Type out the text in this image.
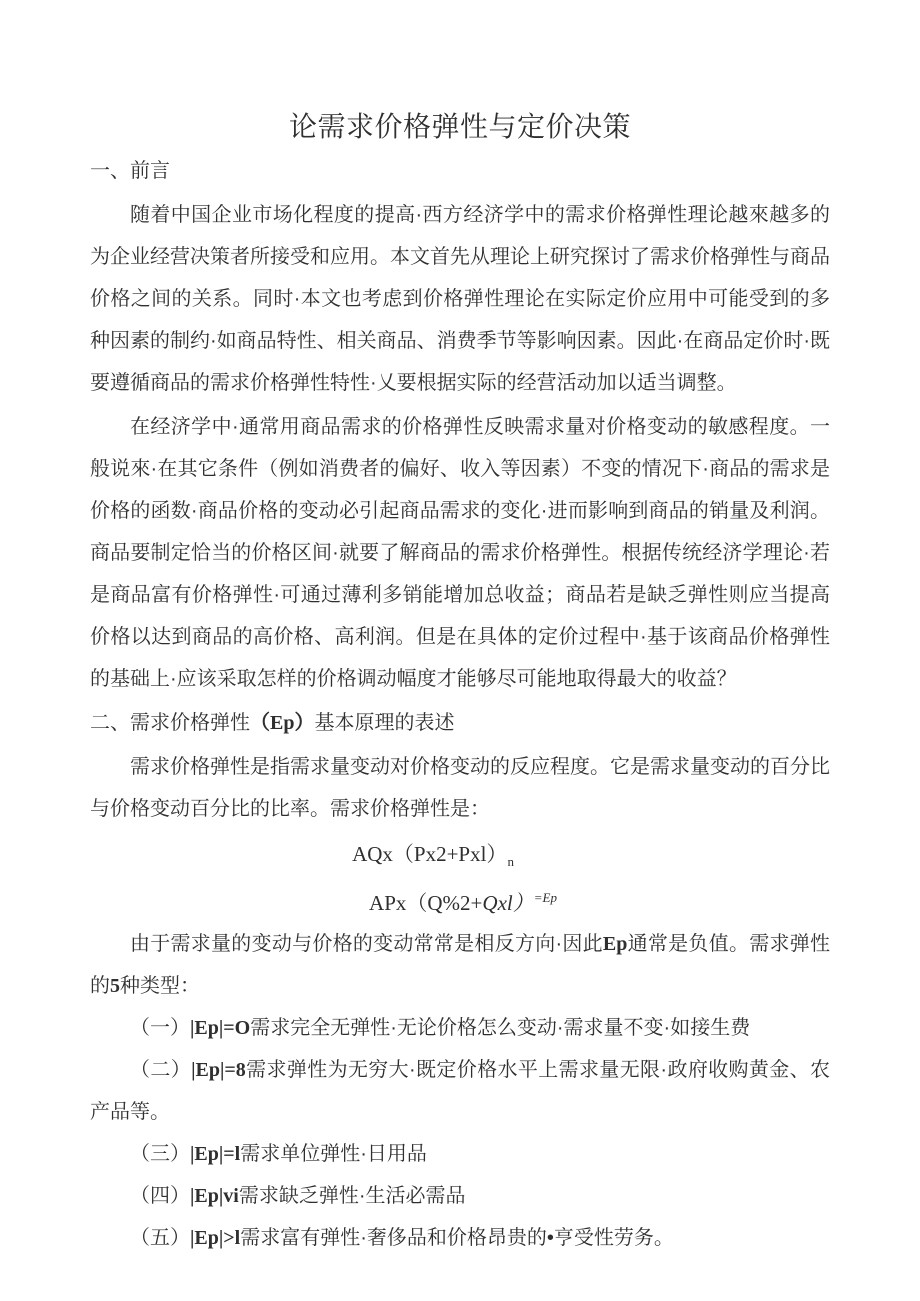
论需求价格弹性与定价决策
一、前言

随着中国企业市场化程度的提高·西方经济学中的需求价格弹性理论越來越多的为企业经营决策者所接受和应用。本文首先从理论上研究探讨了需求价格弹性与商品价格之间的关系。同时·本文也考虑到价格弹性理论在实际定价应用中可能受到的多种因素的制约·如商品特性、相关商品、消费季节等影响因素。因此·在商品定价时·既要遵循商品的需求价格弹性特性·乂要根据实际的经营活动加以适当调整。

在经济学中·通常用商品需求的价格弹性反映需求量对价格变动的敏感程度。一般说來·在其它条件（例如消费者的偏好、收入等因素）不变的情况下·商品的需求是价格的函数·商品价格的变动必引起商品需求的变化·进而影响到商品的销量及利润。商品要制定恰当的价格区间·就要了解商品的需求价格弹性。根据传统经济学理论·若是商品富有价格弹性·可通过薄利多销能增加总收益；商品若是缺乏弹性则应当提高价格以达到商品的高价格、高利润。但是在具体的定价过程中·基于该商品价格弹性的基础上·应该采取怎样的价格调动幅度才能够尽可能地取得最大的收益？

二、需求价格弹性（Ep）基本原理的表述

需求价格弹性是指需求量变动对价格变动的反应程度。它是需求量变动的百分比与价格变动百分比的比率。需求价格弹性是：

$AQx(Px2+Pxl)_n$
$APx(Q\%2+Qxl)^{=Ep}$

由于需求量的变动与价格的变动常常是相反方向·因此Ep通常是负值。需求弹性的5种类型：

（一）|Ep|=O需求完全无弹性·无论价格怎么变动·需求量不变·如接生费

（二）|Ep|=8需求弹性为无穷大·既定价格水平上需求量无限·政府收购黄金、农产品等。

（三）|Ep|=l需求单位弹性·日用品

（四）|Ep|vi需求缺乏弹性·生活必需品

（五）|Ep|>l需求富有弹性·奢侈品和价格昂贵的•亨受性劳务。
